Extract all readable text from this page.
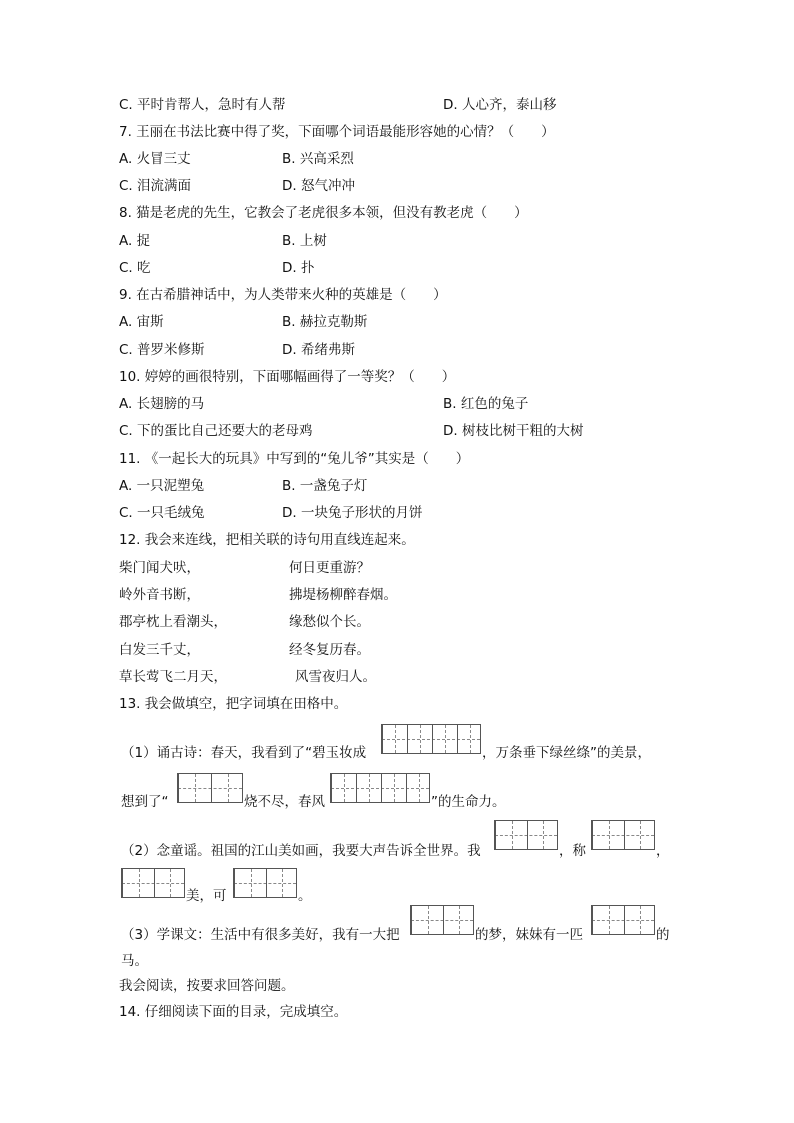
C. 平时肯帮人，急时有人帮	D. 人心齐，泰山移
7. 王丽在书法比赛中得了奖，下面哪个词语最能形容她的心情？（　　）
A. 火冒三丈	B. 兴高采烈
C. 泪流满面	D. 怒气冲冲
8. 猫是老虎的先生，它教会了老虎很多本领，但没有教老虎（　　）
A. 捉	B. 上树
C. 吃	D. 扑
9. 在古希腊神话中，为人类带来火种的英雄是（　　）
A. 宙斯	B. 赫拉克勒斯
C. 普罗米修斯	D. 希绪弗斯
10. 婷婷的画很特别，下面哪幅画得了一等奖？（　　）
A. 长翅膀的马	B. 红色的兔子
C. 下的蛋比自己还要大的老母鸡	D. 树枝比树干粗的大树
11. 《一起长大的玩具》中写到的“兔儿爷”其实是（　　）
A. 一只泥塑兔	B. 一盏兔子灯
C. 一只毛绒兔	D. 一块兔子形状的月饼
12. 我会来连线，把相关联的诗句用直线连起来。
柴门闻犬吠，	何日更重游？
岭外音书断，	拂堤杨柳醉春烟。
郡亭枕上看潮头，	缘愁似个长。
白发三千丈，	经冬复历春。
草长莺飞二月天，	风雪夜归人。
13. 我会做填空，把字词填在田格中。
（1）诵古诗：春天，我看到了“碧玉妆成	，万条垂下绿丝绦”的美景，
想到了“	烧不尽，春风	”的生命力。
（2）念童谣。祖国的江山美如画，我要大声告诉全世界。我	，称	，
美，可	。
（3）学课文：生活中有很多美好，我有一大把	的梦，妹妹有一匹	的
马。
我会阅读，按要求回答问题。
14. 仔细阅读下面的目录，完成填空。
